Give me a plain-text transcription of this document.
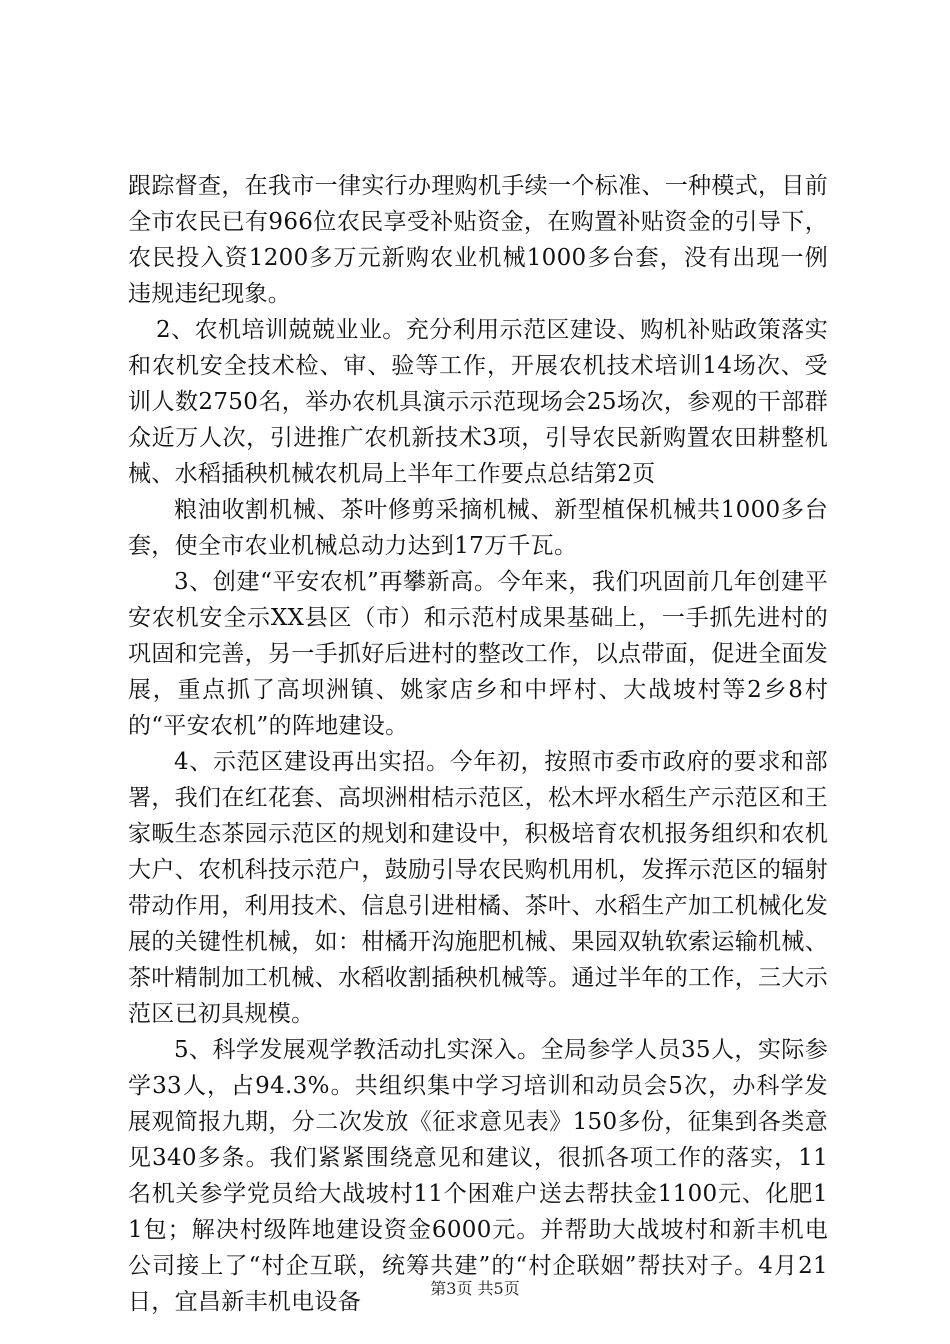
跟踪督查，在我市一律实行办理购机手续一个标准、一种模式，目前全市农民已有966位农民享受补贴资金，在购置补贴资金的引导下，农民投入资1200多万元新购农业机械1000多台套，没有出现一例违规违纪现象。

2、农机培训兢兢业业。充分利用示范区建设、购机补贴政策落实和农机安全技术检、审、验等工作，开展农机技术培训14场次、受训人数2750名，举办农机具演示示范现场会25场次，参观的干部群众近万人次，引进推广农机新技术3项，引导农民新购置农田耕整机械、水稻插秧机械农机局上半年工作要点总结第2页

粮油收割机械、茶叶修剪采摘机械、新型植保机械共1000多台套，使全市农业机械总动力达到17万千瓦。

3、创建“平安农机”再攀新高。今年来，我们巩固前几年创建平安农机安全示XX县区（市）和示范村成果基础上，一手抓先进村的巩固和完善，另一手抓好后进村的整改工作，以点带面，促进全面发展，重点抓了高坝洲镇、姚家店乡和中坪村、大战坡村等2乡8村的“平安农机”的阵地建设。

4、示范区建设再出实招。今年初，按照市委市政府的要求和部署，我们在红花套、高坝洲柑桔示范区，松木坪水稻生产示范区和王家畈生态茶园示范区的规划和建设中，积极培育农机报务组织和农机大户、农机科技示范户，鼓励引导农民购机用机，发挥示范区的辐射带动作用，利用技术、信息引进柑橘、茶叶、水稻生产加工机械化发展的关键性机械，如：柑橘开沟施肥机械、果园双轨软索运输机械、茶叶精制加工机械、水稻收割插秧机械等。通过半年的工作，三大示范区已初具规模。

5、科学发展观学教活动扎实深入。全局参学人员35人，实际参学33人，占94.3%。共组织集中学习培训和动员会5次，办科学发展观简报九期，分二次发放《征求意见表》150多份，征集到各类意见340多条。我们紧紧围绕意见和建议，很抓各项工作的落实，11名机关参学党员给大战坡村11个困难户送去帮扶金1100元、化肥11包；解决村级阵地建设资金6000元。并帮助大战坡村和新丰机电公司接上了“村企互联，统筹共建”的“村企联姻”帮扶对子。4月21日，宜昌新丰机电设备

第3页 共5页
